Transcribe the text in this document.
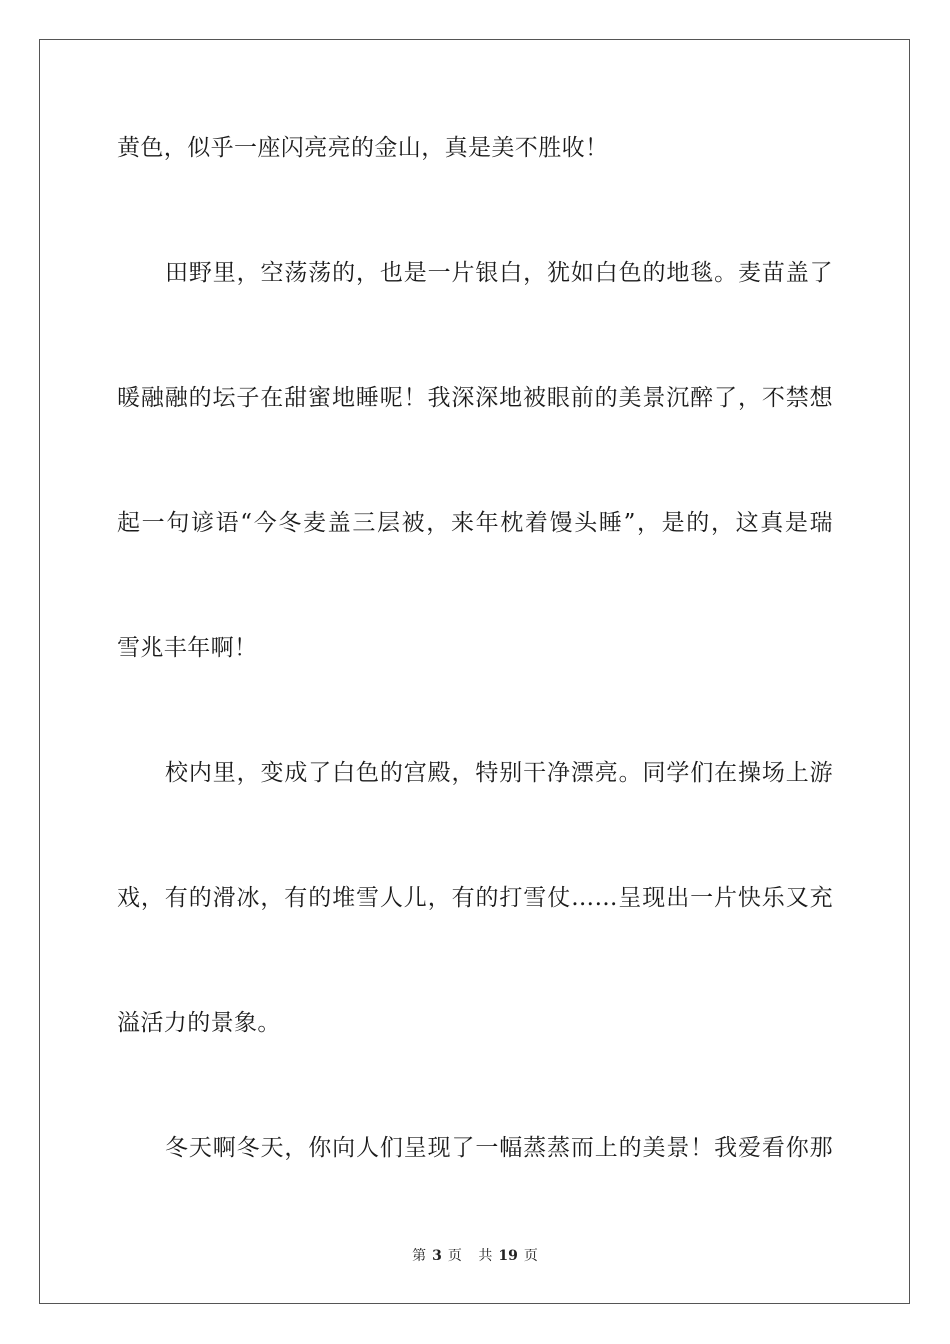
黄色，似乎一座闪亮亮的金山，真是美不胜收！
田野里，空荡荡的，也是一片银白，犹如白色的地毯。麦苗盖了
暖融融的坛子在甜蜜地睡呢！我深深地被眼前的美景沉醉了，不禁想
起一句谚语“今冬麦盖三层被，来年枕着馒头睡”，是的，这真是瑞
雪兆丰年啊！
校内里，变成了白色的宫殿，特别干净漂亮。同学们在操场上游
戏，有的滑冰，有的堆雪人儿，有的打雪仗……呈现出一片快乐又充
溢活力的景象。
冬天啊冬天，你向人们呈现了一幅蒸蒸而上的美景！我爱看你那
第 3 页 共 19 页
